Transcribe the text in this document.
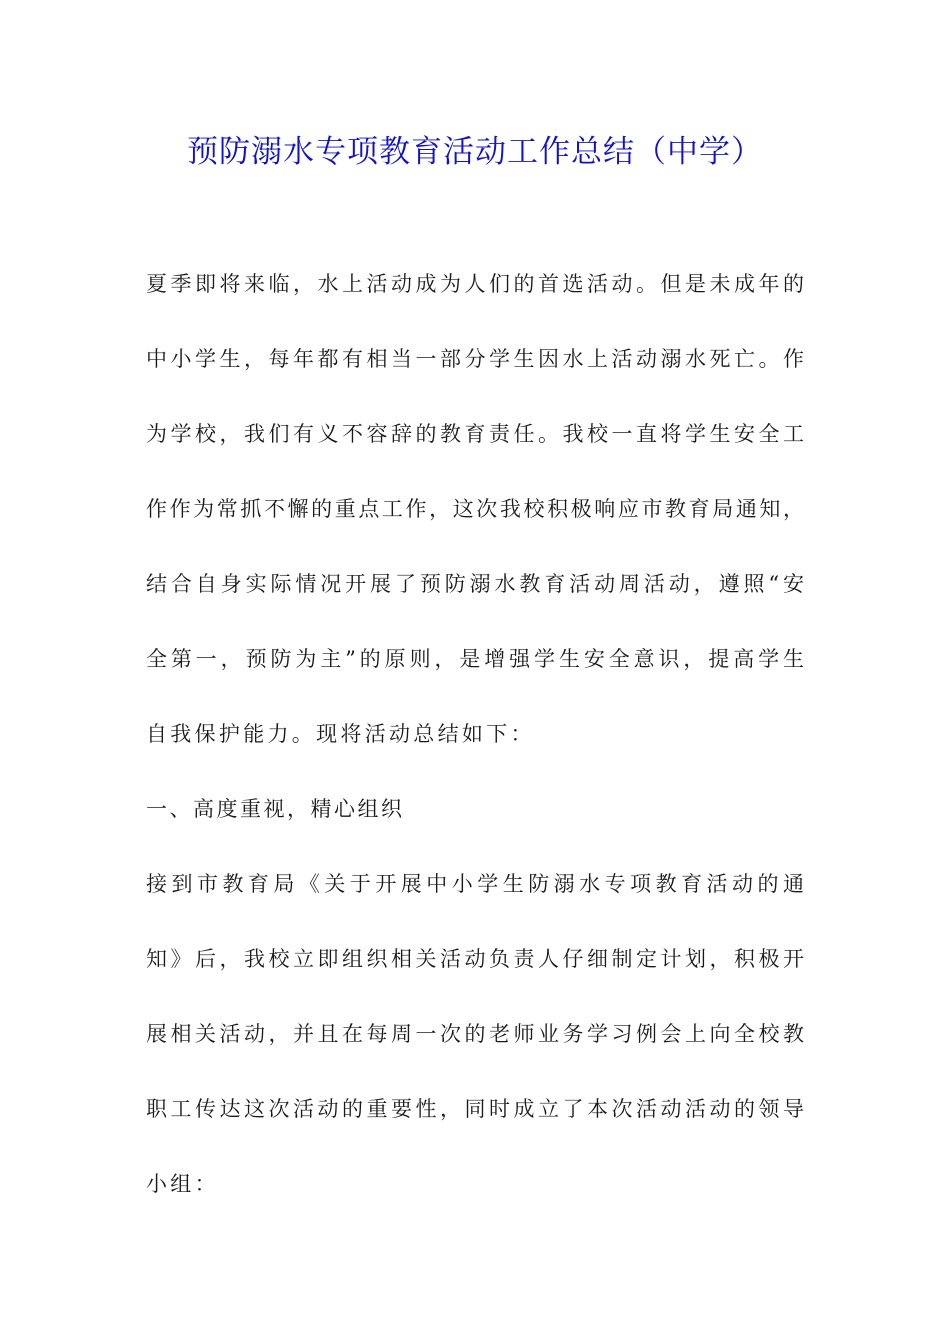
预防溺水专项教育活动工作总结（中学）
夏季即将来临，水上活动成为人们的首选活动。但是未成年的
中小学生，每年都有相当一部分学生因水上活动溺水死亡。作
为学校，我们有义不容辞的教育责任。我校一直将学生安全工
作作为常抓不懈的重点工作，这次我校积极响应市教育局通知，
结合自身实际情况开展了预防溺水教育活动周活动，遵照“安
全第一，预防为主”的原则，是增强学生安全意识，提高学生
自我保护能力。现将活动总结如下：
一、高度重视，精心组织
接到市教育局《关于开展中小学生防溺水专项教育活动的通
知》后，我校立即组织相关活动负责人仔细制定计划，积极开
展相关活动，并且在每周一次的老师业务学习例会上向全校教
职工传达这次活动的重要性，同时成立了本次活动活动的领导
小组：
